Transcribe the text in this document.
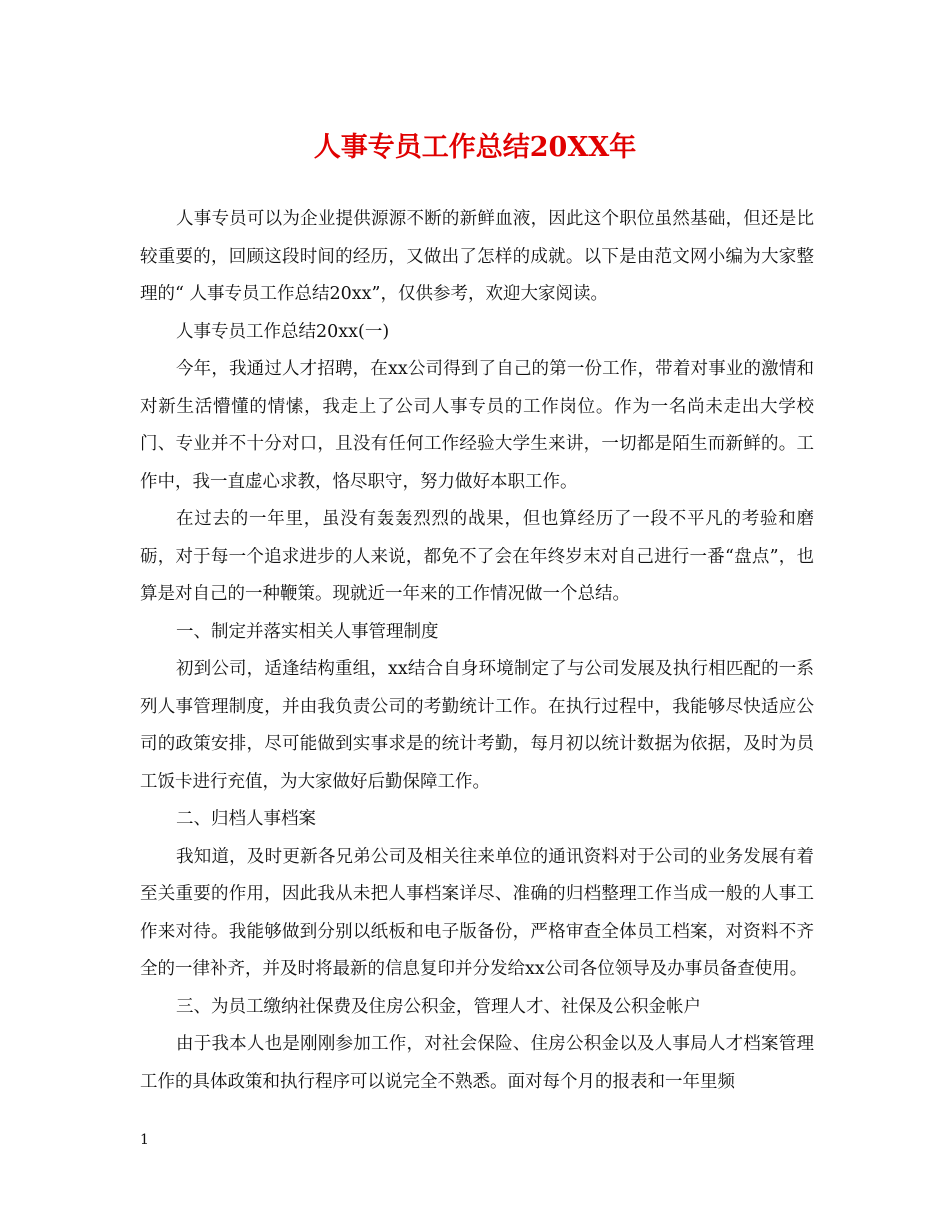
人事专员工作总结20XX年

人事专员可以为企业提供源源不断的新鲜血液，因此这个职位虽然基础，但还是比较重要的，回顾这段时间的经历，又做出了怎样的成就。以下是由范文网小编为大家整理的“ 人事专员工作总结20xx”，仅供参考，欢迎大家阅读。

人事专员工作总结20xx(一)

今年，我通过人才招聘，在xx公司得到了自己的第一份工作，带着对事业的激情和对新生活懵懂的情愫，我走上了公司人事专员的工作岗位。作为一名尚未走出大学校门、专业并不十分对口，且没有任何工作经验大学生来讲，一切都是陌生而新鲜的。工作中，我一直虚心求教，恪尽职守，努力做好本职工作。

在过去的一年里，虽没有轰轰烈烈的战果，但也算经历了一段不平凡的考验和磨砺，对于每一个追求进步的人来说，都免不了会在年终岁末对自己进行一番“盘点”，也算是对自己的一种鞭策。现就近一年来的工作情况做一个总结。

一、制定并落实相关人事管理制度

初到公司，适逢结构重组，xx结合自身环境制定了与公司发展及执行相匹配的一系列人事管理制度，并由我负责公司的考勤统计工作。在执行过程中，我能够尽快适应公司的政策安排，尽可能做到实事求是的统计考勤，每月初以统计数据为依据，及时为员工饭卡进行充值，为大家做好后勤保障工作。

二、归档人事档案

我知道，及时更新各兄弟公司及相关往来单位的通讯资料对于公司的业务发展有着至关重要的作用，因此我从未把人事档案详尽、准确的归档整理工作当成一般的人事工作来对待。我能够做到分别以纸板和电子版备份，严格审查全体员工档案，对资料不齐全的一律补齐，并及时将最新的信息复印并分发给xx公司各位领导及办事员备查使用。

三、为员工缴纳社保费及住房公积金，管理人才、社保及公积金帐户

由于我本人也是刚刚参加工作，对社会保险、住房公积金以及人事局人才档案管理工作的具体政策和执行程序可以说完全不熟悉。面对每个月的报表和一年里频

1
